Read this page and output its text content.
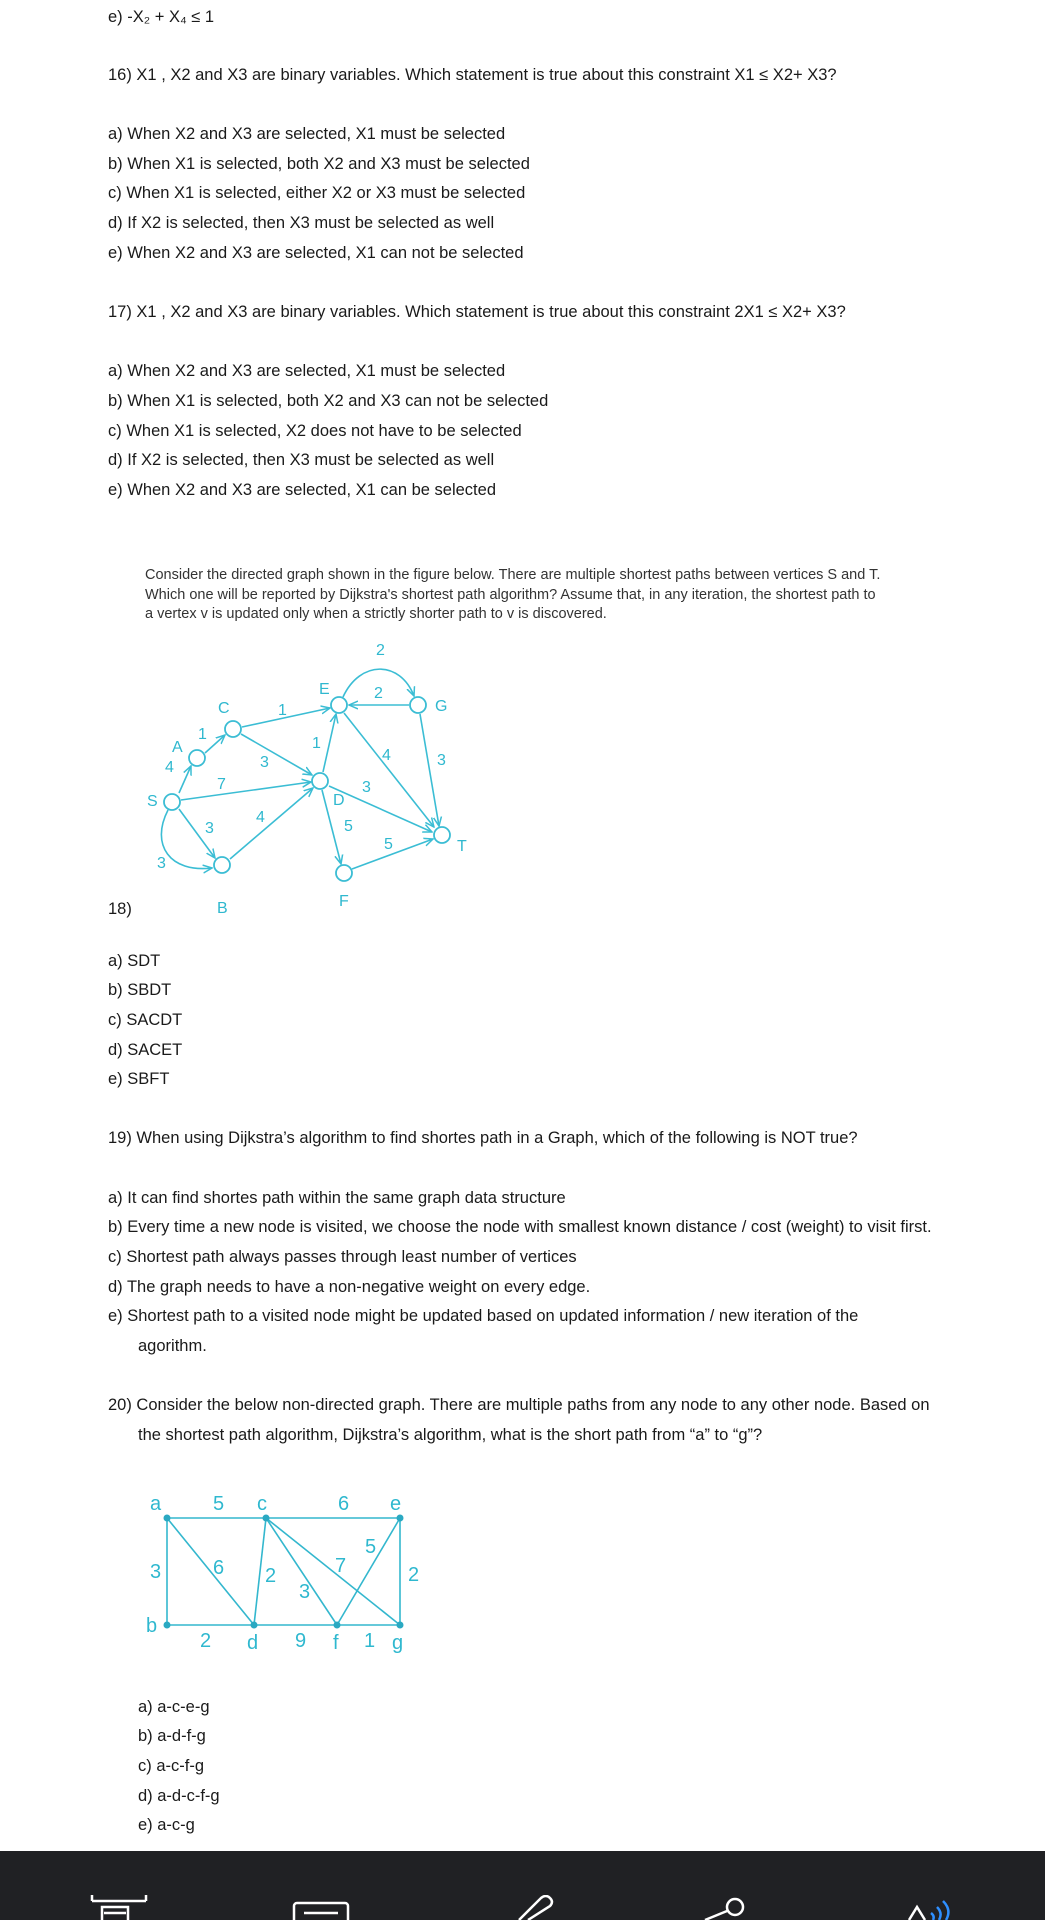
e) -X₂ + X₄ ≤ 1
16) X1 , X2 and X3 are binary variables. Which statement is true about this constraint X1 ≤ X2+ X3?
a) When X2 and X3 are selected, X1 must be selected
b) When X1 is selected, both X2 and X3 must be selected
c) When X1 is selected, either X2 or X3 must be selected
d) If X2 is selected, then X3 must be selected as well
e) When X2 and X3 are selected, X1 can not be selected
17) X1 , X2 and X3 are binary variables. Which statement is true about this constraint 2X1 ≤ X2+ X3?
a) When X2 and X3 are selected, X1 must be selected
b) When X1 is selected, both X2 and X3 can not be selected
c) When X1 is selected, X2 does not have to be selected
d) If X2 is selected, then X3 must be selected as well
e) When X2 and X3 are selected, X1 can be selected
Consider the directed graph shown in the figure below. There are multiple shortest paths between vertices S and T.
Which one will be reported by Dijkstra's shortest path algorithm? Assume that, in any iteration, the shortest path to
a vertex v is updated only when a strictly shorter path to v is discovered.
S
A
B
C
D
E
F
G
T
4
3
3
7
1
1
3
4
1
2
2
4
3
5
5
3
18)
a) SDT
b) SBDT
c) SACDT
d) SACET
e) SBFT
19) When using Dijkstra’s algorithm to find shortes path in a Graph, which of the following is NOT true?
a) It can find shortes path within the same graph data structure
b) Every time a new node is visited, we choose the node with smallest known distance / cost (weight) to visit first.
c) Shortest path always passes through least number of vertices
d) The graph needs to have a non-negative weight on every edge.
e) Shortest path to a visited node might be updated based on updated information / new iteration of the
agorithm.
20) Consider the below non-directed graph. There are multiple paths from any node to any other node. Based on
the shortest path algorithm, Dijkstra’s algorithm, what is the short path from “a” to “g”?
a
b
c
d
e
f	g
5	6
3	6 2
3
7
5
2
2	9	1
a) a-c-e-g
b) a-d-f-g
c) a-c-f-g
d) a-d-c-f-g
e) a-c-g
